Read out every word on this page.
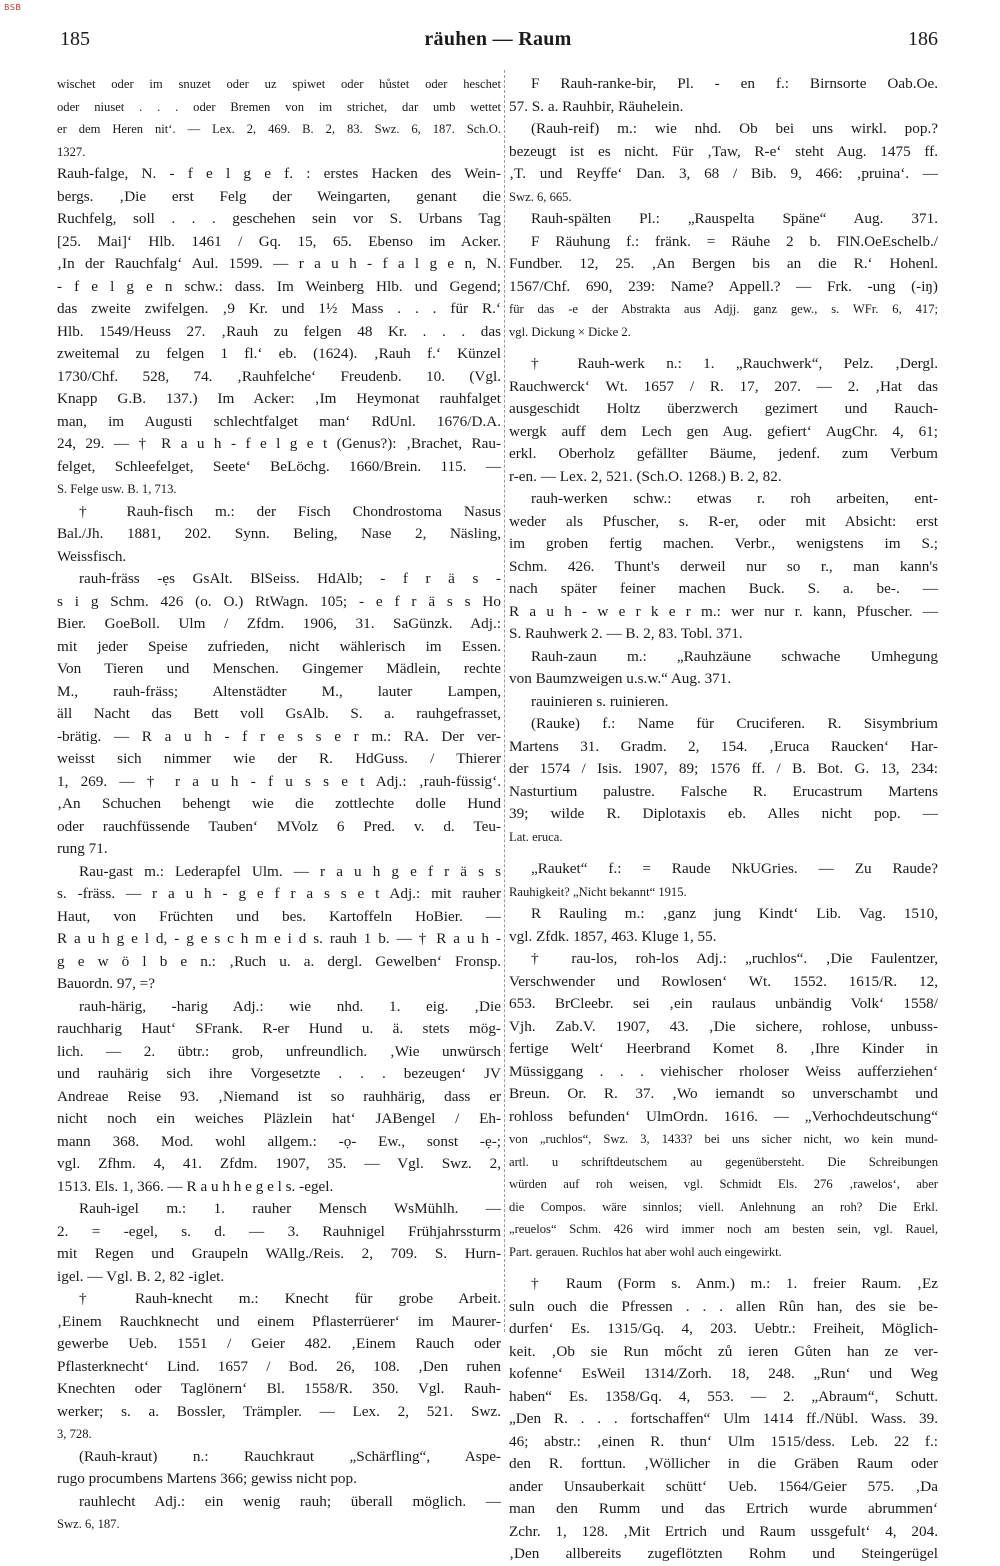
BSB
185	räuhen — Raum	186
wischet oder im snuzet oder uz spiwet oder hůstet oder heschet
oder niuset . . . oder Bremen von im strichet, dar umb wettet
er dem Heren nit‘. — Lex. 2, 469. B. 2, 83. Swz. 6, 187. Sch.O.
1327.
Rauh-falge, N. - f e l g e f. : erstes Hacken des Wein-
bergs. ‚Die erst Felg der Weingarten, genant die
Ruchfelg, soll . . . geschehen sein vor S. Urbans Tag
[25. Mai]‘ Hlb. 1461 / Gq. 15, 65. Ebenso im Acker.
‚In der Rauchfalg‘ Aul. 1599. — r a u h - f a l g e n, N.
- f e l g e n schw.: dass. Im Weinberg Hlb. und Gegend;
das zweite zwifelgen. ‚9 Kr. und 1½ Mass . . . für R.‘
Hlb. 1549/Heuss 27. ‚Rauh zu felgen 48 Kr. . . . das
zweitemal zu felgen 1 fl.‘ eb. (1624). ‚Rauh f.‘ Künzel
1730/Chf. 528, 74. ‚Rauhfelche‘ Freudenb. 10. (Vgl.
Knapp G.B. 137.) Im Acker: ‚Im Heymonat rauhfalget
man, im Augusti schlechtfalget man‘ RdUnl. 1676/D.A.
24, 29. — † R a u h - f e l g e t (Genus?): ‚Brachet, Rau-
felget, Schleefelget, Seete‘ BeLöchg. 1660/Brein. 115. —
S. Felge usw. B. 1, 713.
† Rauh-fisch m.: der Fisch Chondrostoma Nasus
Bal./Jh. 1881, 202. Synn. Beling, Nase 2, Näsling,
Weissfisch.
rauh-fräss -ẹs GsAlt. BlSeiss. HdAlb; - f r ä s -
s i g Schm. 426 (o. O.) RtWagn. 105; - e f r ä s s Ho
Bier. GoeBoll. Ulm / Zfdm. 1906, 31. SaGünzk. Adj.:
mit jeder Speise zufrieden, nicht wählerisch im Essen.
Von Tieren und Menschen. Gingemer Mädlein, rechte
M., rauh-fräss; Altenstädter M., lauter Lampen,
äll Nacht das Bett voll GsAlb. S. a. rauhgefrasset,
-brätig. — R a u h - f r e s s e r m.: RA. Der ver-
weisst sich nimmer wie der R. HdGuss. / Thierer
1, 269. — † r a u h - f u s s e t Adj.: ‚rauh-füssig‘.
‚An Schuchen behengt wie die zottlechte dolle Hund
oder rauchfüssende Tauben‘ MVolz 6 Pred. v. d. Teu-
rung 71.
Rau-gast m.: Lederapfel Ulm. — r a u h g e f r ä s s
s. -fräss. — r a u h - g e f r a s s e t Adj.: mit rauher
Haut, von Früchten und bes. Kartoffeln HoBier. —
R a u h g e l d, - g e s c h m e i d s. rauh 1 b. — † R a u h -
g e w ö l b e n.: ‚Ruch u. a. dergl. Gewelben‘ Fronsp.
Bauordn. 97, =?
rauh-härig, -harig Adj.: wie nhd. 1. eig. ‚Die
rauchharig Haut‘ SFrank. R-er Hund u. ä. stets mög-
lich. — 2. übtr.: grob, unfreundlich. ‚Wie unwürsch
und rauhärig sich ihre Vorgesetzte . . . bezeugen‘ JV
Andreae Reise 93. ‚Niemand ist so rauhhärig, dass er
nicht noch ein weiches Pläzlein hat‘ JABengel / Eh-
mann 368. Mod. wohl allgem.: -ọ- Ew., sonst -ẹ-;
vgl. Zfhm. 4, 41. Zfdm. 1907, 35. — Vgl. Swz. 2,
1513. Els. 1, 366. — R a u h h e g e l s. -egel.
Rauh-igel m.: 1. rauher Mensch WsMühlh. —
2. = -egel, s. d. — 3. Rauhnigel Frühjahrssturm
mit Regen und Graupeln WAllg./Reis. 2, 709. S. Hurn-
igel. — Vgl. B. 2, 82 -iglet.
† Rauh-knecht m.: Knecht für grobe Arbeit.
‚Einem Rauchknecht und einem Pflasterrüerer‘ im Maurer-
gewerbe Ueb. 1551 / Geier 482. ‚Einem Rauch oder
Pflasterknecht‘ Lind. 1657 / Bod. 26, 108. ‚Den ruhen
Knechten oder Taglönern‘ Bl. 1558/R. 350. Vgl. Rauh-
werker; s. a. Bossler, Trämpler. — Lex. 2, 521. Swz.
3, 728.
(Rauh-kraut) n.: Rauchkraut „Schärfling“, Aspe-
rugo procumbens Martens 366; gewiss nicht pop.
rauhlecht Adj.: ein wenig rauh; überall möglich. —
Swz. 6, 187.
F Rauh-ranke-bir, Pl. - en f.: Birnsorte Oab.Oe.
57. S. a. Rauhbir, Räuhelein.
(Rauh-reif) m.: wie nhd. Ob bei uns wirkl. pop.?
bezeugt ist es nicht. Für ‚Taw, R-e‘ steht Aug. 1475 ff.
‚T. und Reyffe‘ Dan. 3, 68 / Bib. 9, 466: ‚pruina‘. —
Swz. 6, 665.
Rauh-spälten Pl.: „Rauspelta Späne“ Aug. 371.
F Räuhung f.: fränk. = Räuhe 2 b. FlN.OeEschelb./
Fundber. 12, 25. ‚An Bergen bis an die R.‘ Hohenl.
1567/Chf. 690, 239: Name? Appell.? — Frk. -ung (-iŋ)
für das -e der Abstrakta aus Adjj. ganz gew., s. WFr. 6, 417;
vgl. Dickung × Dicke 2.
† Rauh-werk n.: 1. „Rauchwerk“, Pelz. ‚Dergl.
Rauchwerck‘ Wt. 1657 / R. 17, 207. — 2. ‚Hat das
ausgeschidt Holtz überzwerch gezimert und Rauch-
wergk auff dem Lech gen Aug. gefiert‘ AugChr. 4, 61;
erkl. Oberholz gefällter Bäume, jedenf. zum Verbum
r-en. — Lex. 2, 521. (Sch.O. 1268.) B. 2, 82.
rauh-werken schw.: etwas r. roh arbeiten, ent-
weder als Pfuscher, s. R-er, oder mit Absicht: erst
im groben fertig machen. Verbr., wenigstens im S.;
Schm. 426. Thunt's derweil nur so r., man kann's
nach später feiner machen Buck. S. a. be-. —
R a u h - w e r k e r m.: wer nur r. kann, Pfuscher. —
S. Rauhwerk 2. — B. 2, 83. Tobl. 371.
Rauh-zaun m.: „Rauhzäune schwache Umhegung
von Baumzweigen u.s.w.“ Aug. 371.
rauinieren s. ruinieren.
(Rauke) f.: Name für Cruciferen. R. Sisymbrium
Martens 31. Gradm. 2, 154. ‚Eruca Raucken‘ Har-
der 1574 / Isis. 1907, 89; 1576 ff. / B. Bot. G. 13, 234:
Nasturtium palustre. Falsche R. Erucastrum Martens
39; wilde R. Diplotaxis eb. Alles nicht pop. —
Lat. eruca.
„Rauket“ f.: = Raude NkUGries. — Zu Raude?
Rauhigkeit? „Nicht bekannt“ 1915.
R Rauling m.: ‚ganz jung Kindt‘ Lib. Vag. 1510,
vgl. Zfdk. 1857, 463. Kluge 1, 55.
† rau-los, roh-los Adj.: „ruchlos“. ‚Die Faulentzer,
Verschwender und Rowlosen‘ Wt. 1552. 1615/R. 12,
653. BrCleebr. sei ‚ein raulaus unbändig Volk‘ 1558/
Vjh. Zab.V. 1907, 43. ‚Die sichere, rohlose, unbuss-
fertige Welt‘ Heerbrand Komet 8. ‚Ihre Kinder in
Müssiggang . . . viehischer rholoser Weiss aufferziehen‘
Breun. Or. R. 37. ‚Wo iemandt so unverschambt und
rohloss befunden‘ UlmOrdn. 1616. — „Verhochdeutschung“
von „ruchlos“, Swz. 3, 1433? bei uns sicher nicht, wo kein mund-
artl. u schriftdeutschem au gegenübersteht. Die Schreibungen
würden auf roh weisen, vgl. Schmidt Els. 276 ‚rawelos‘, aber
die Compos. wäre sinnlos; viell. Anlehnung an roh? Die Erkl.
„reuelos“ Schm. 426 wird immer noch am besten sein, vgl. Rauel,
Part. gerauen. Ruchlos hat aber wohl auch eingewirkt.
† Raum (Form s. Anm.) m.: 1. freier Raum. ‚Ez
suln ouch die Pfressen . . . allen Rûn han, des sie be-
durfen‘ Es. 1315/Gq. 4, 203. Uebtr.: Freiheit, Möglich-
keit. ‚Ob sie Run mőcht zů ieren Gůten han ze ver-
kofenne‘ EsWeil 1314/Zorh. 18, 248. „Run‘ und Weg
haben“ Es. 1358/Gq. 4, 553. — 2. „Abraum“, Schutt.
„Den R. . . . fortschaffen“ Ulm 1414 ff./Nübl. Wass. 39.
46; abstr.: ‚einen R. thun‘ Ulm 1515/dess. Leb. 22 f.:
den R. forttun. ‚Wöllicher in die Gräben Raum oder
ander Unsauberkait schütt‘ Ueb. 1564/Geier 575. ‚Da
man den Rumm und das Ertrich wurde abrummen‘
Zchr. 1, 128. ‚Mit Ertrich und Raum ussgefult‘ 4, 204.
‚Den allbereits zugeflötzten Rohm und Steingerügel
